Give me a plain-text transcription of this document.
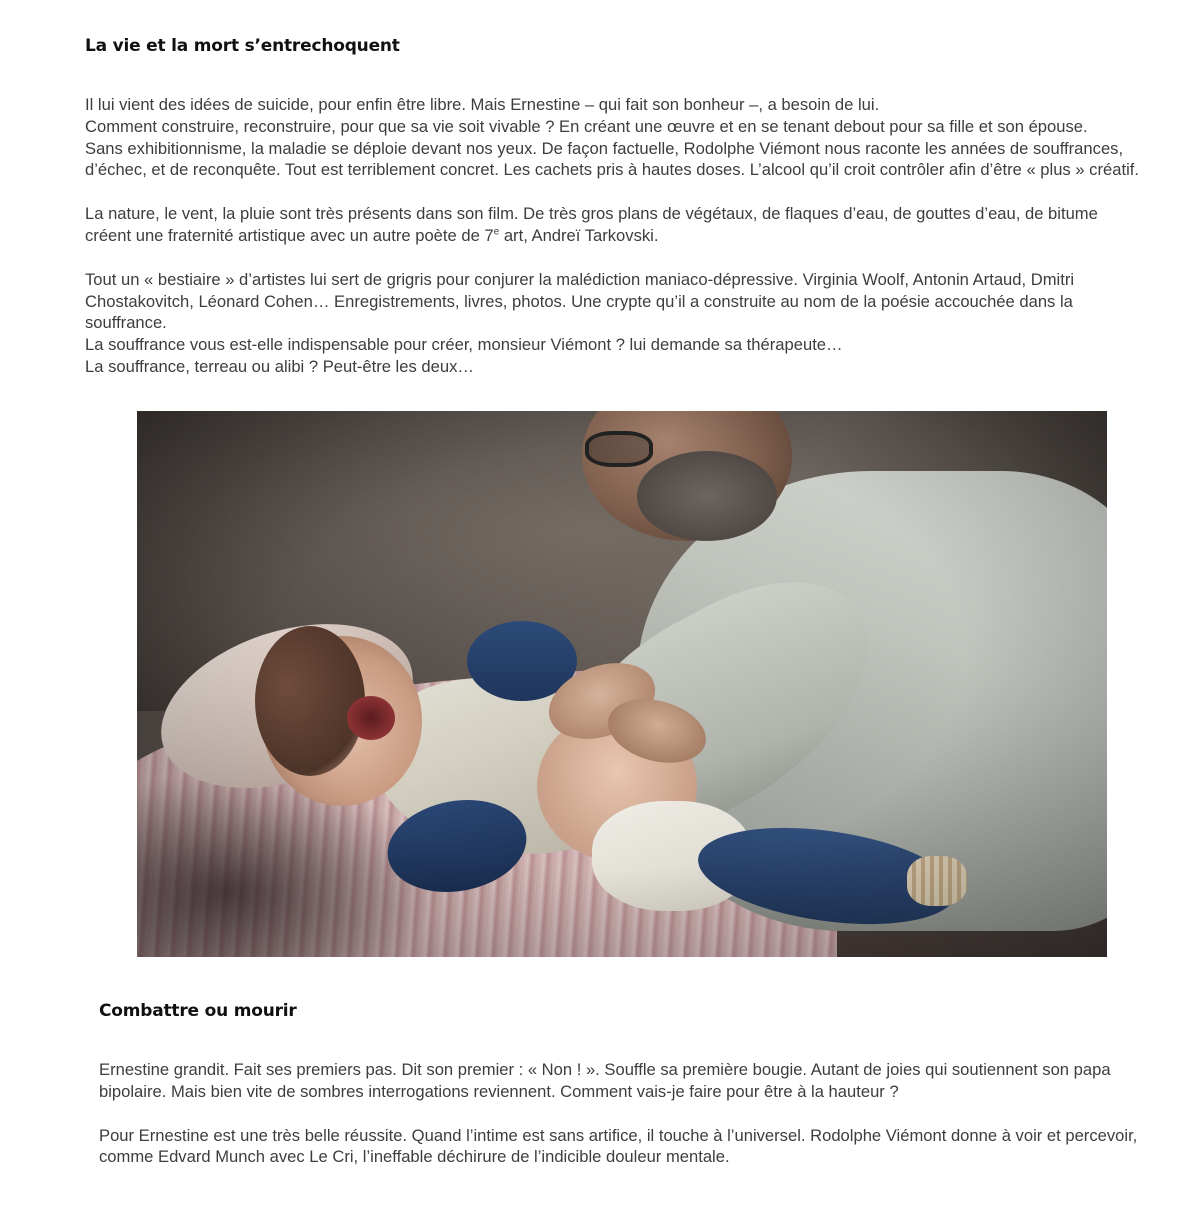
La vie et la mort s’entrechoquent

Il lui vient des idées de suicide, pour enfin être libre. Mais Ernestine – qui fait son bonheur –, a besoin de lui.

Comment construire, reconstruire, pour que sa vie soit vivable ? En créant une œuvre et en se tenant debout pour sa fille et son épouse.

Sans exhibitionnisme, la maladie se déploie devant nos yeux. De façon factuelle, Rodolphe Viémont nous raconte les années de souffrances, d’échec, et de reconquête. Tout est terriblement concret. Les cachets pris à hautes doses. L’alcool qu’il croit contrôler afin d’être « plus » créatif.

La nature, le vent, la pluie sont très présents dans son film. De très gros plans de végétaux, de flaques d’eau, de gouttes d’eau, de bitume créent une fraternité artistique avec un autre poète de 7e art, Andreï Tarkovski.

Tout un « bestiaire » d’artistes lui sert de grigris pour conjurer la malédiction maniaco-dépressive. Virginia Woolf, Antonin Artaud, Dmitri Chostakovitch, Léonard Cohen… Enregistrements, livres, photos. Une crypte qu’il a construite au nom de la poésie accouchée dans la souffrance.

La souffrance vous est-elle indispensable pour créer, monsieur Viémont ? lui demande sa thérapeute…

La souffrance, terreau ou alibi ? Peut-être les deux…

Combattre ou mourir

Ernestine grandit. Fait ses premiers pas. Dit son premier : « Non ! ». Souffle sa première bougie. Autant de joies qui soutiennent son papa bipolaire. Mais bien vite de sombres interrogations reviennent. Comment vais-je faire pour être à la hauteur ?

Pour Ernestine est une très belle réussite. Quand l’intime est sans artifice, il touche à l’universel. Rodolphe Viémont donne à voir et percevoir, comme Edvard Munch avec Le Cri, l’ineffable déchirure de l’indicible douleur mentale.
